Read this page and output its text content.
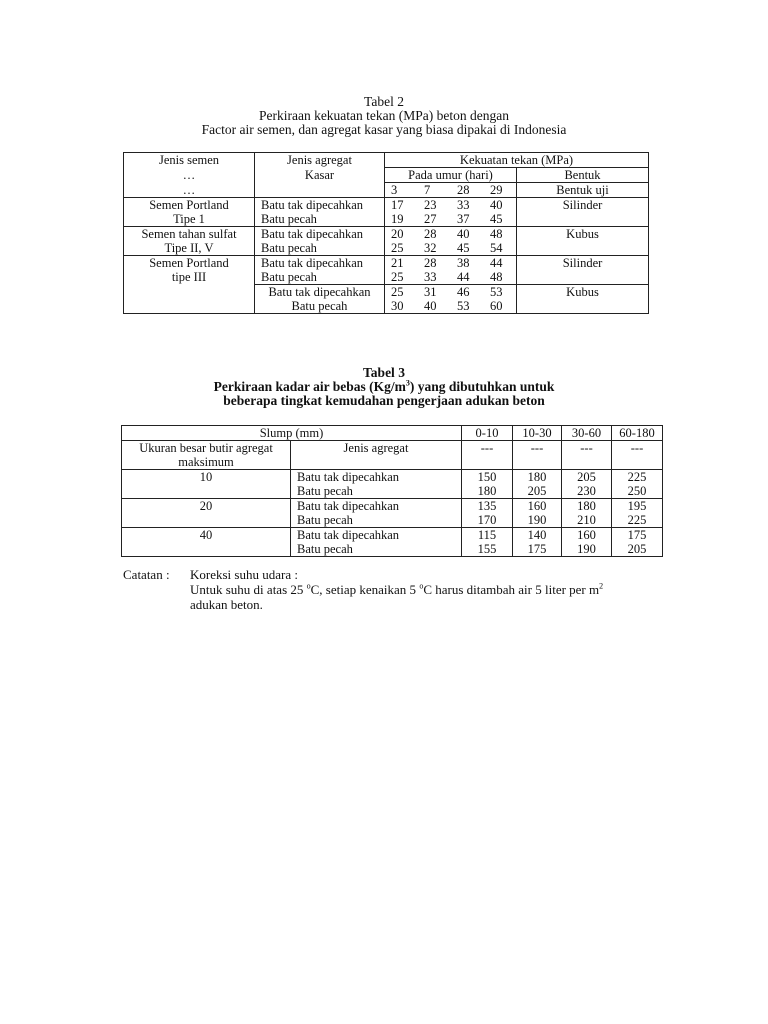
Tabel 2
Perkiraan kekuatan tekan (MPa) beton dengan
Factor air semen, dan agregat kasar yang biasa dipakai di Indonesia
Jenis semen	Jenis agregat	Kekuatan tekan (MPa)	
…	Kasar	Pada umur (hari)	Bentuk
…		3 7 28 29	Bentuk uji
Semen Portland	Batu tak dipecahkan	17 23 33 40	Silinder
Tipe 1	Batu pecah	19 27 37 45	
Semen tahan sulfat	Batu tak dipecahkan	20 28 40 48	Kubus
Tipe II, V	Batu pecah	25 32 45 54	
Semen Portland	Batu tak dipecahkan	21 28 38 44	Silinder
tipe III	Batu pecah	25 33 44 48	
	Batu tak dipecahkan	25 31 46 53	Kubus
	Batu pecah	30 40 53 60	
Tabel 3
Perkiraan kadar air bebas $(Kg/m^3)$ yang dibutuhkan untuk
beberapa tingkat kemudahan pengerjaan adukan beton
Slump (mm)		0-10	10-30	30-60	60-180
Ukuran besar butir agregat	Jenis agregat	---	---	---	---
maksimum					
10	Batu tak dipecahkan	150	180	205	225
	Batu pecah	180	205	230	250
20	Batu tak dipecahkan	135	160	180	195
	Batu pecah	170	190	210	225
40	Batu tak dipecahkan	115	140	160	175
	Batu pecah	155	175	190	205
Catatan : Koreksi suhu udara :
Untuk suhu di atas 25 $^o$C, setiap kenaikan 5 $^o$C harus ditambah air 5 liter per $m^2$
adukan beton.
